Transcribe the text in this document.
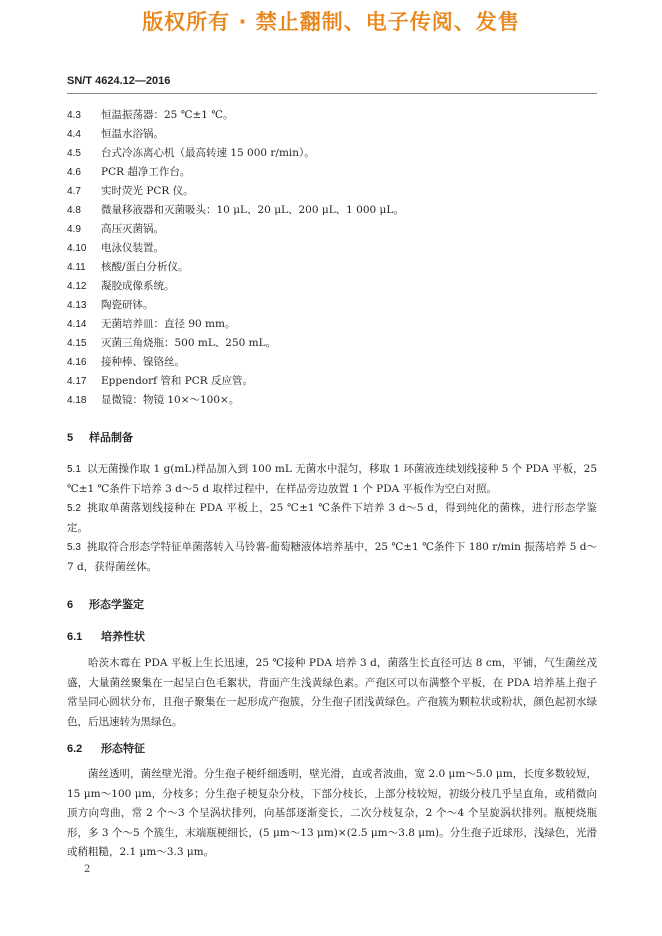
版权所有 · 禁止翻制、电子传阅、发售
SN/T 4624.12—2016
4.3	恒温振荡器：25 ℃±1 ℃。
4.4	恒温水浴锅。
4.5	台式冷冻离心机（最高转速 15 000 r/min）。
4.6	PCR 超净工作台。
4.7	实时荧光 PCR 仪。
4.8	微量移液器和灭菌吸头：10 μL、20 μL、200 μL、1 000 μL。
4.9	高压灭菌锅。
4.10	电泳仪装置。
4.11	核酸/蛋白分析仪。
4.12	凝胶成像系统。
4.13	陶瓷研钵。
4.14	无菌培养皿：直径 90 mm。
4.15	灭菌三角烧瓶：500 mL、250 mL。
4.16	接种棒、镍铬丝。
4.17	Eppendorf 管和 PCR 反应管。
4.18	显微镜：物镜 10×～100×。
5 样品制备
5.1 以无菌操作取 1 g(mL)样品加入到 100 mL 无菌水中混匀，移取 1 环菌液连续划线接种 5 个 PDA 平板，25 ℃±1 ℃条件下培养 3 d～5 d 取样过程中，在样品旁边放置 1 个 PDA 平板作为空白对照。
5.2 挑取单菌落划线接种在 PDA 平板上，25 ℃±1 ℃条件下培养 3 d～5 d，得到纯化的菌株，进行形态学鉴定。
5.3 挑取符合形态学特征单菌落转入马铃薯-葡萄糖液体培养基中，25 ℃±1 ℃条件下 180 r/min 振荡培养 5 d～7 d，获得菌丝体。
6 形态学鉴定
6.1 培养性状
哈茨木霉在 PDA 平板上生长迅速，25 ℃接种 PDA 培养 3 d，菌落生长直径可达 8 cm，平铺，气生菌丝茂盛，大量菌丝聚集在一起呈白色毛絮状，背面产生浅黄绿色素。产孢区可以布满整个平板，在 PDA 培养基上孢子常呈同心圆状分布，且孢子聚集在一起形成产孢簇，分生孢子团浅黄绿色。产孢簇为颗粒状或粉状，颜色起初水绿色，后迅速转为黑绿色。
6.2 形态特征
菌丝透明，菌丝壁光滑。分生孢子梗纤细透明，壁光滑，直或者波曲，宽 2.0 μm～5.0 μm，长度多数较短，15 μm～100 μm，分枝多；分生孢子梗复杂分枝，下部分枝长，上部分枝较短，初级分枝几乎呈直角，或稍微向顶方向弯曲，常 2 个～3 个呈涡状排列，向基部逐渐变长，二次分枝复杂，2 个～4 个呈旋涡状排列。瓶梗烧瓶形，多 3 个～5 个簇生，末端瓶梗细长，(5 μm～13 μm)×(2.5 μm～3.8 μm)。分生孢子近球形，浅绿色，光滑或稍粗糙，2.1 μm～3.3 μm。
2
